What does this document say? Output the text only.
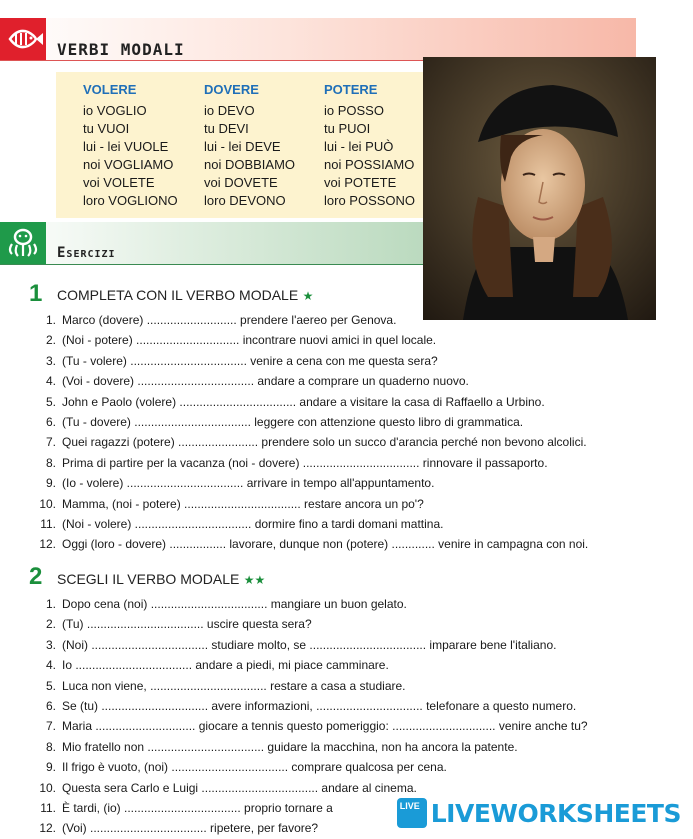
VERBI MODALI
VOLERE
io VOGLIO
tu VUOI
lui - lei VUOLE
noi VOGLIAMO
voi VOLETE
loro VOGLIONO
DOVERE
io DEVO
tu DEVI
lui - lei DEVE
noi DOBBIAMO
voi DOVETE
loro DEVONO
POTERE
io POSSO
tu PUOI
lui - lei PUÒ
noi POSSIAMO
voi POTETE
loro POSSONO
Esercizi
1 COMPLETA CON IL VERBO MODALE ★
1. Marco (dovere) ........................... prendere l'aereo per Genova.
2. (Noi - potere) ............................... incontrare nuovi amici in quel locale.
3. (Tu - volere) ................................... venire a cena con me questa sera?
4. (Voi - dovere) ................................... andare a comprare un quaderno nuovo.
5. John e Paolo (volere) ................................... andare a visitare la casa di Raffaello a Urbino.
6. (Tu - dovere) ................................... leggere con attenzione questo libro di grammatica.
7. Quei ragazzi (potere) ........................ prendere solo un succo d'arancia perché non bevono alcolici.
8. Prima di partire per la vacanza (noi - dovere) ................................... rinnovare il passaporto.
9. (Io - volere) ................................... arrivare in tempo all'appuntamento.
10. Mamma, (noi - potere) ................................... restare ancora un po'?
11. (Noi - volere) ................................... dormire fino a tardi domani mattina.
12. Oggi (loro - dovere) ................. lavorare, dunque non (potere) ............. venire in campagna con noi.
2 SCEGLI IL VERBO MODALE ★★
1. Dopo cena (noi) ................................... mangiare un buon gelato.
2. (Tu) ................................... uscire questa sera?
3. (Noi) ................................... studiare molto, se ................................... imparare bene l'italiano.
4. Io ................................... andare a piedi, mi piace camminare.
5. Luca non viene, ................................... restare a casa a studiare.
6. Se (tu) ................................ avere informazioni, ................................ telefonare a questo numero.
7. Maria .............................. giocare a tennis questo pomeriggio: ............................... venire anche tu?
8. Mio fratello non ................................... guidare la macchina, non ha ancora la patente.
9. Il frigo è vuoto, (noi) ................................... comprare qualcosa per cena.
10. Questa sera Carlo e Luigi ................................... andare al cinema.
11. È tardi, (io) ................................... proprio tornare a
12. (Voi) ................................... ripetere, per favore?
LIVE LIVEWORKSHEETS
